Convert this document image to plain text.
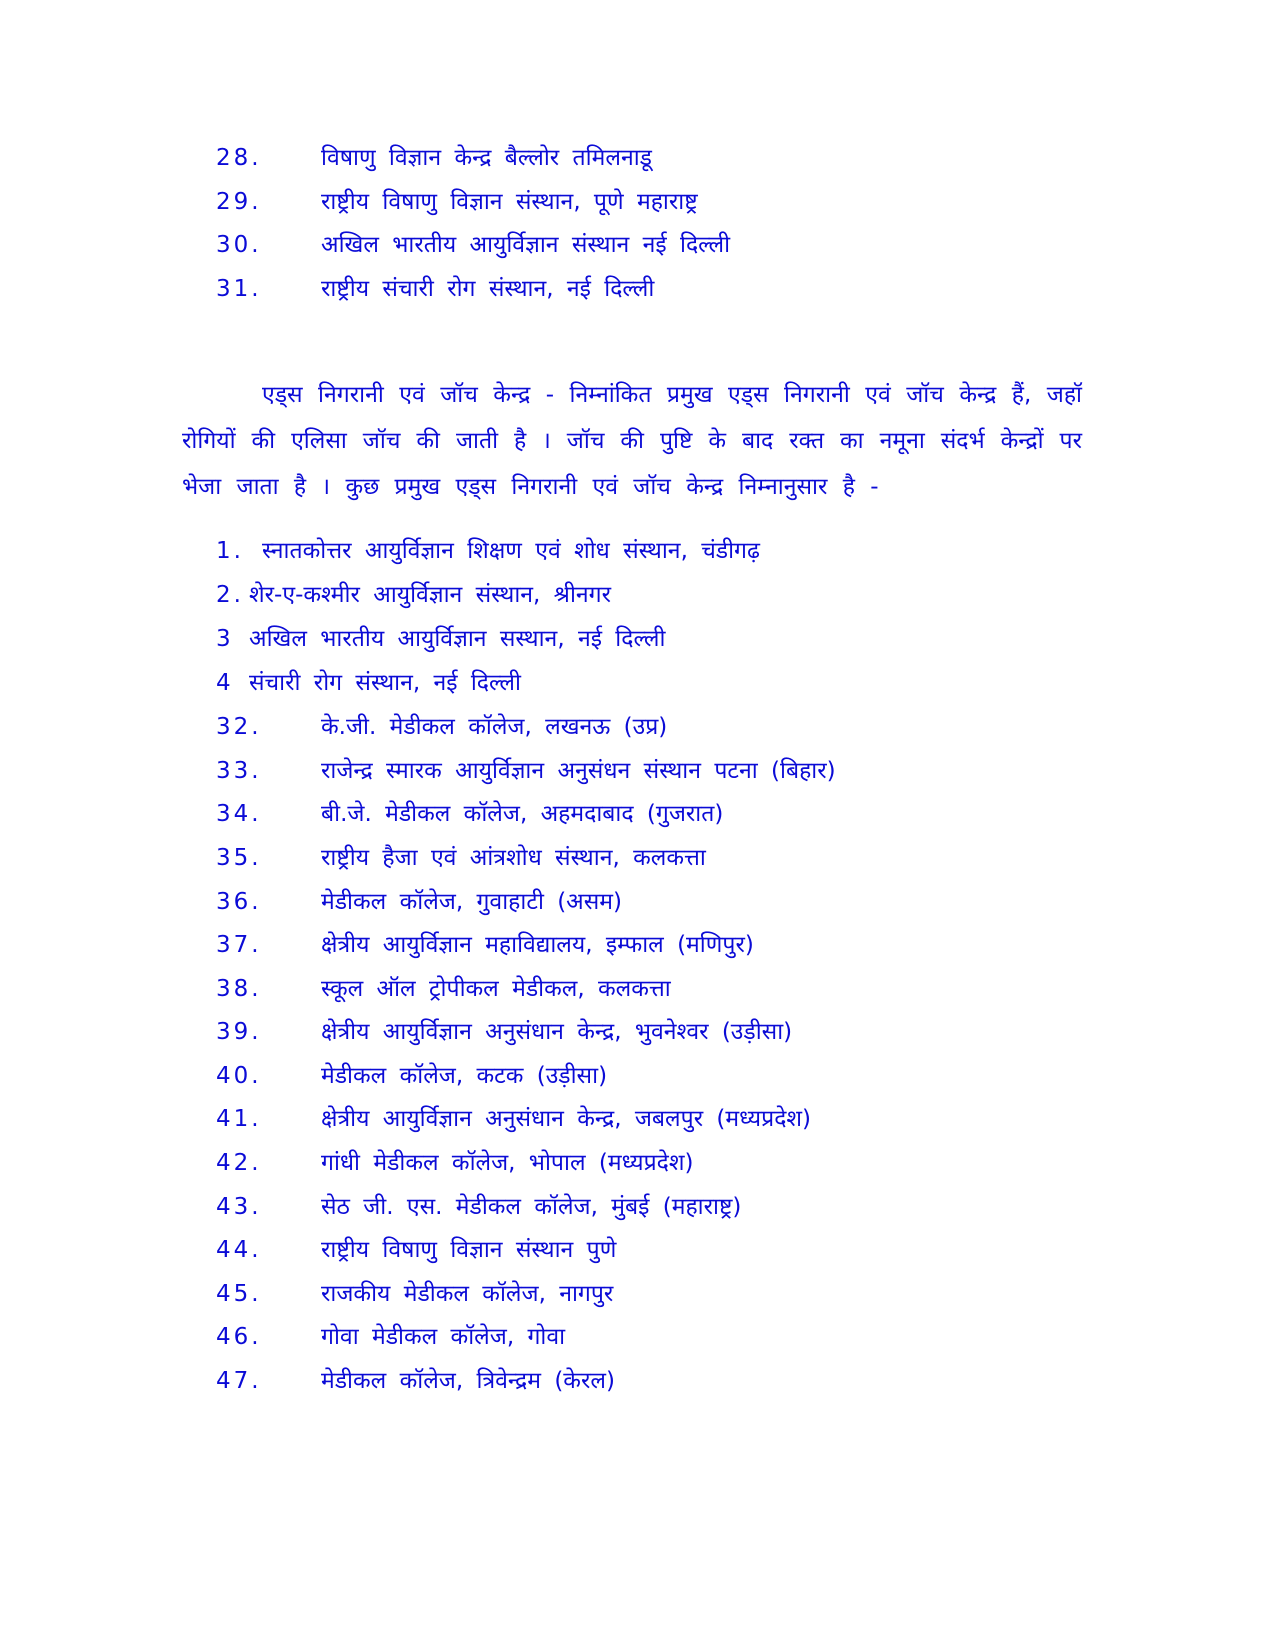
28.	विषाणु विज्ञान केन्द्र बैल्लोर तमिलनाडू
29.	राष्ट्रीय विषाणु विज्ञान संस्थान, पूणे महाराष्ट्र
30.	अखिल भारतीय आयुर्विज्ञान संस्थान नई दिल्ली
31.	राष्ट्रीय संचारी रोग संस्थान, नई दिल्ली
एड्स निगरानी एवं जॉच केन्द्र - निम्नांकित प्रमुख एड्स निगरानी एवं जॉच केन्द्र हैं, जहॉ रोगियों की एलिसा जॉच की जाती है । जॉच की पुष्टि के बाद रक्त का नमूना संदर्भ केन्द्रों पर भेजा जाता है । कुछ प्रमुख एड्स निगरानी एवं जॉच केन्द्र निम्नानुसार है -
1. स्नातकोत्तर आयुर्विज्ञान शिक्षण एवं शोध संस्थान, चंडीगढ़
2. शेर-ए-कश्मीर आयुर्विज्ञान संस्थान, श्रीनगर
3 अखिल भारतीय आयुर्विज्ञान सस्थान, नई दिल्ली
4 संचारी रोग संस्थान, नई दिल्ली
32.	के.जी. मेडीकल कॉलेज, लखनऊ (उप्र)
33.	राजेन्द्र स्मारक आयुर्विज्ञान अनुसंधन संस्थान पटना (बिहार)
34.	बी.जे. मेडीकल कॉलेज, अहमदाबाद (गुजरात)
35.	राष्ट्रीय हैजा एवं आंत्रशोध संस्थान, कलकत्ता
36.	मेडीकल कॉलेज, गुवाहाटी (असम)
37.	क्षेत्रीय आयुर्विज्ञान महाविद्यालय, इम्फाल (मणिपुर)
38.	स्कूल ऑल ट्रोपीकल मेडीकल, कलकत्ता
39.	क्षेत्रीय आयुर्विज्ञान अनुसंधान केन्द्र, भुवनेश्वर (उड़ीसा)
40.	मेडीकल कॉलेज, कटक (उड़ीसा)
41.	क्षेत्रीय आयुर्विज्ञान अनुसंधान केन्द्र, जबलपुर (मध्यप्रदेश)
42.	गांधी मेडीकल कॉलेज, भोपाल (मध्यप्रदेश)
43.	सेठ जी. एस. मेडीकल कॉलेज, मुंबई (महाराष्ट्र)
44.	राष्ट्रीय विषाणु विज्ञान संस्थान पुणे
45.	राजकीय मेडीकल कॉलेज, नागपुर
46.	गोवा मेडीकल कॉलेज, गोवा
47.	मेडीकल कॉलेज, त्रिवेन्द्रम (केरल)
